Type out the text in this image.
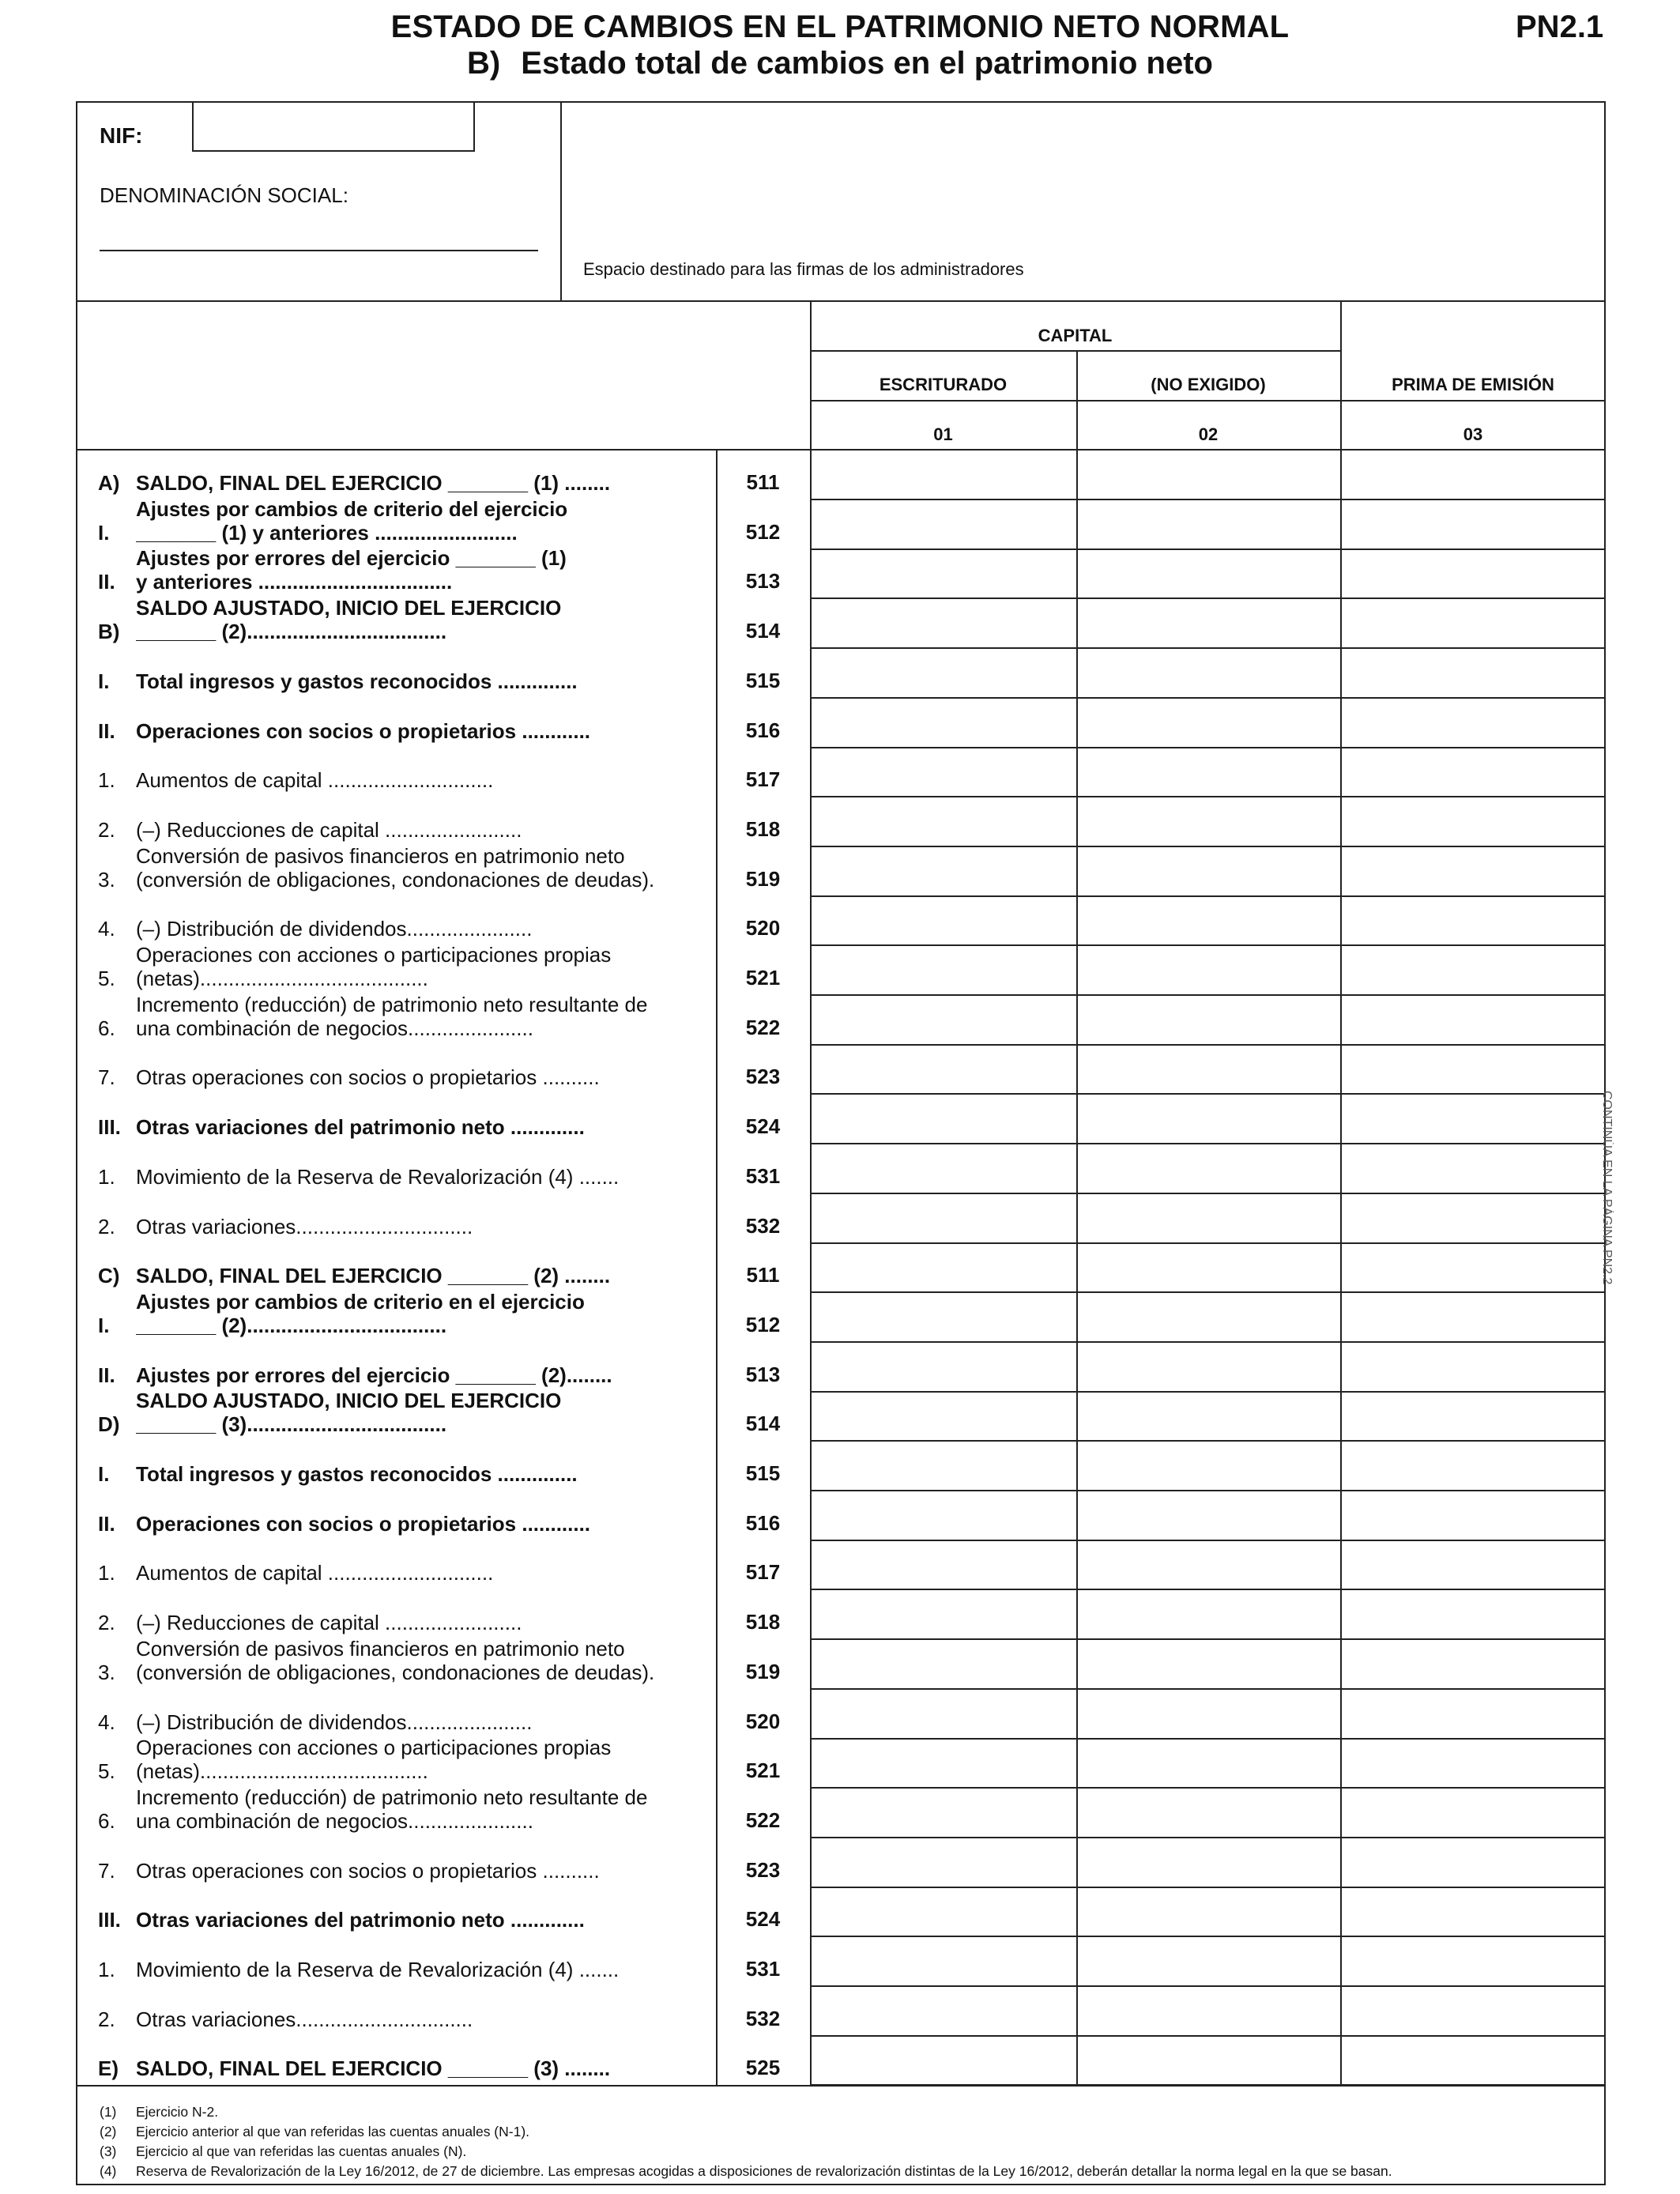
ESTADO DE CAMBIOS EN EL PATRIMONIO NETO NORMAL	PN2.1
B) Estado total de cambios en el patrimonio neto
NIF:
DENOMINACIÓN SOCIAL:
Espacio destinado para las firmas de los administradores
CAPITAL
ESCRITURADO	(NO EXIGIDO)	PRIMA DE EMISIÓN
01	02	03
A) SALDO, FINAL DEL EJERCICIO _______ (1) ........	511
I.
Ajustes por cambios de criterio del ejercicio
_______ (1) y anteriores .........................	512
II.
Ajustes por errores del ejercicio _______ (1)
y anteriores ..................................	513
B)
SALDO AJUSTADO, INICIO DEL EJERCICIO
_______ (2)...................................	514
I.	Total ingresos y gastos reconocidos ..............	515
II.	Operaciones con socios o propietarios ............	516
1.	Aumentos de capital .............................	517
2.	(–) Reducciones de capital ........................	518
3.
Conversión de pasivos financieros en patrimonio neto
(conversión de obligaciones, condonaciones de deudas).	519
4.	(–) Distribución de dividendos......................	520
5.
Operaciones con acciones o participaciones propias
(netas)........................................	521
6.
Incremento (reducción) de patrimonio neto resultante de
una combinación de negocios......................	522
7.	Otras operaciones con socios o propietarios ..........	523
III. Otras variaciones del patrimonio neto .............	524
1.	Movimiento de la Reserva de Revalorización (4) .......	531
2.	Otras variaciones...............................	532
C) SALDO, FINAL DEL EJERCICIO _______ (2) ........	511
I.
Ajustes por cambios de criterio en el ejercicio
_______ (2)...................................	512
II.	Ajustes por errores del ejercicio _______ (2)........	513
D)
SALDO AJUSTADO, INICIO DEL EJERCICIO
_______ (3)...................................	514
I.	Total ingresos y gastos reconocidos ..............	515
II.	Operaciones con socios o propietarios ............	516
1.	Aumentos de capital .............................	517
2.	(–) Reducciones de capital ........................	518
3.
Conversión de pasivos financieros en patrimonio neto
(conversión de obligaciones, condonaciones de deudas).	519
4.	(–) Distribución de dividendos......................	520
5.
Operaciones con acciones o participaciones propias
(netas)........................................	521
6.
Incremento (reducción) de patrimonio neto resultante de
una combinación de negocios......................	522
7.	Otras operaciones con socios o propietarios ..........	523
III. Otras variaciones del patrimonio neto .............	524
1.	Movimiento de la Reserva de Revalorización (4) .......	531
2.	Otras variaciones...............................	532
E) SALDO, FINAL DEL EJERCICIO _______ (3) ........	525
(1) Ejercicio N-2.
(2) Ejercicio anterior al que van referidas las cuentas anuales (N-1).
(3) Ejercicio al que van referidas las cuentas anuales (N).
(4) Reserva de Revalorización de la Ley 16/2012, de 27 de diciembre. Las empresas acogidas a disposiciones de revalorización distintas de la Ley 16/2012, deberán detallar la norma legal en la que se basan.
CONTINÚA EN LA PÁGINA PN2.2
